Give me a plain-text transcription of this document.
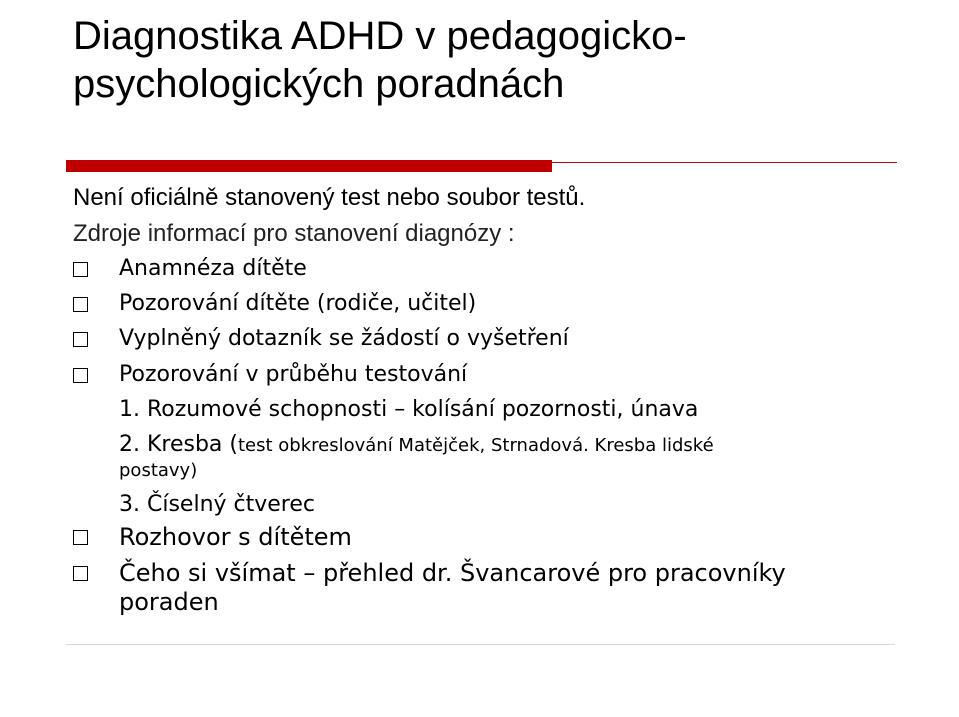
Diagnostika ADHD v pedagogicko-
psychologických poradnách
Není oficiálně stanovený test nebo soubor testů.
Zdroje informací pro stanovení diagnózy :
Anamnéza dítěte
Pozorování dítěte (rodiče, učitel)
Vyplněný dotazník se žádostí o vyšetření
Pozorování v průběhu testování
1. Rozumové schopnosti – kolísání pozornosti, únava
2. Kresba (test obkreslování Matějček, Strnadová. Kresba lidské
postavy)
3. Číselný čtverec
Rozhovor s dítětem
Čeho si všímat – přehled dr. Švancarové pro pracovníky
poraden
